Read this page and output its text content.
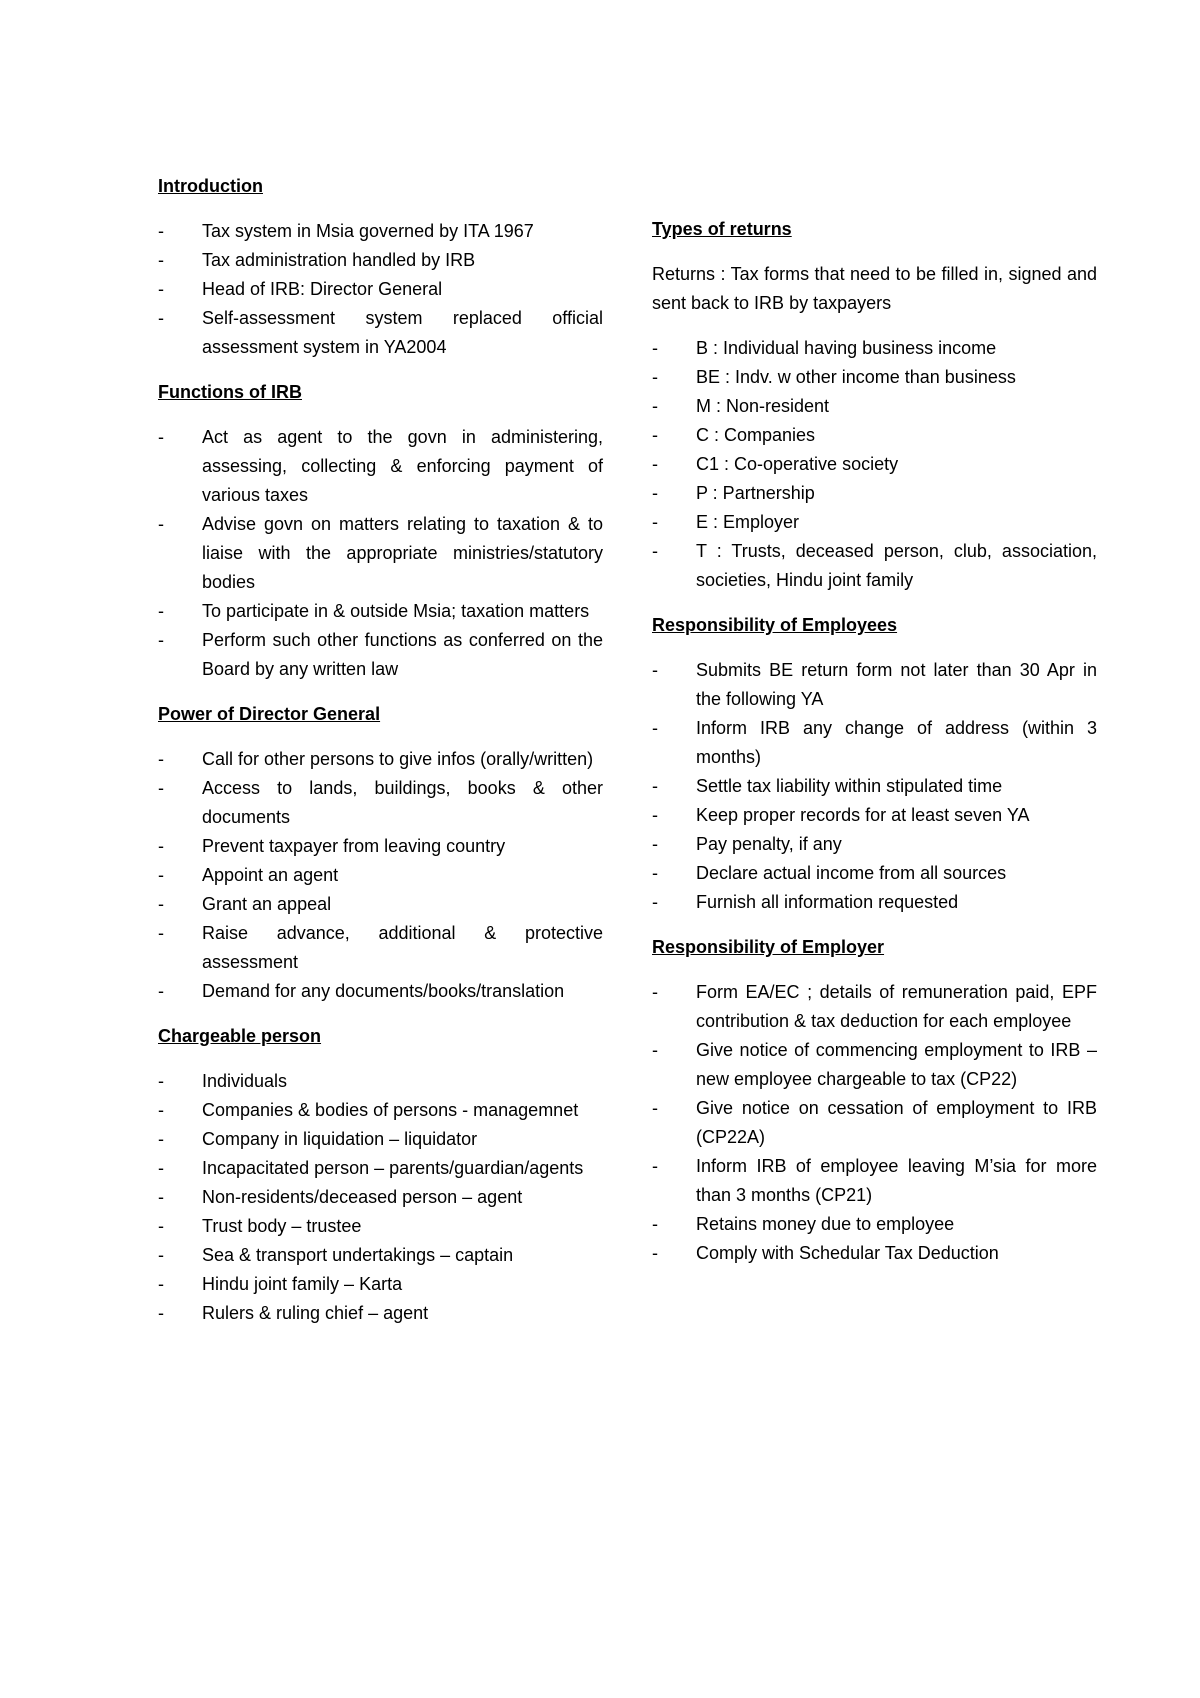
Introduction
-	Tax system in Msia governed by ITA 1967
-	Tax administration handled by IRB
-	Head of IRB: Director General
-	Self-assessment system replaced official assessment system in YA2004
Functions of IRB
-	Act as agent to the govn in administering, assessing, collecting & enforcing payment of various taxes
-	Advise govn on matters relating to taxation & to liaise with the appropriate ministries/statutory bodies
-	To participate in & outside Msia; taxation matters
-	Perform such other functions as conferred on the Board by any written law
Power of Director General
-	Call for other persons to give infos (orally/written)
-	Access to lands, buildings, books & other documents
-	Prevent taxpayer from leaving country
-	Appoint an agent
-	Grant an appeal
-	Raise advance, additional & protective assessment
-	Demand for any documents/books/translation
Chargeable person
-	Individuals
-	Companies & bodies of persons - managemnet
-	Company in liquidation – liquidator
-	Incapacitated person – parents/guardian/agents
-	Non-residents/deceased person – agent
-	Trust body – trustee
-	Sea & transport undertakings – captain
-	Hindu joint family – Karta
-	Rulers & ruling chief – agent
Types of returns
Returns : Tax forms that need to be filled in, signed and sent back to IRB by taxpayers
-	B : Individual having business income
-	BE : Indv. w other income than business
-	M : Non-resident
-	C : Companies
-	C1 : Co-operative society
-	P : Partnership
-	E : Employer
-	T : Trusts, deceased person, club, association, societies, Hindu joint family
Responsibility of Employees
-	Submits BE return form not later than 30 Apr in the following YA
-	Inform IRB any change of address (within 3 months)
-	Settle tax liability within stipulated time
-	Keep proper records for at least seven YA
-	Pay penalty, if any
-	Declare actual income from all sources
-	Furnish all information requested
Responsibility of Employer
-	Form EA/EC ; details of remuneration paid, EPF contribution & tax deduction for each employee
-	Give notice of commencing employment to IRB – new employee chargeable to tax (CP22)
-	Give notice on cessation of employment to IRB (CP22A)
-	Inform IRB of employee leaving M’sia for more than 3 months (CP21)
-	Retains money due to employee
-	Comply with Schedular Tax Deduction
